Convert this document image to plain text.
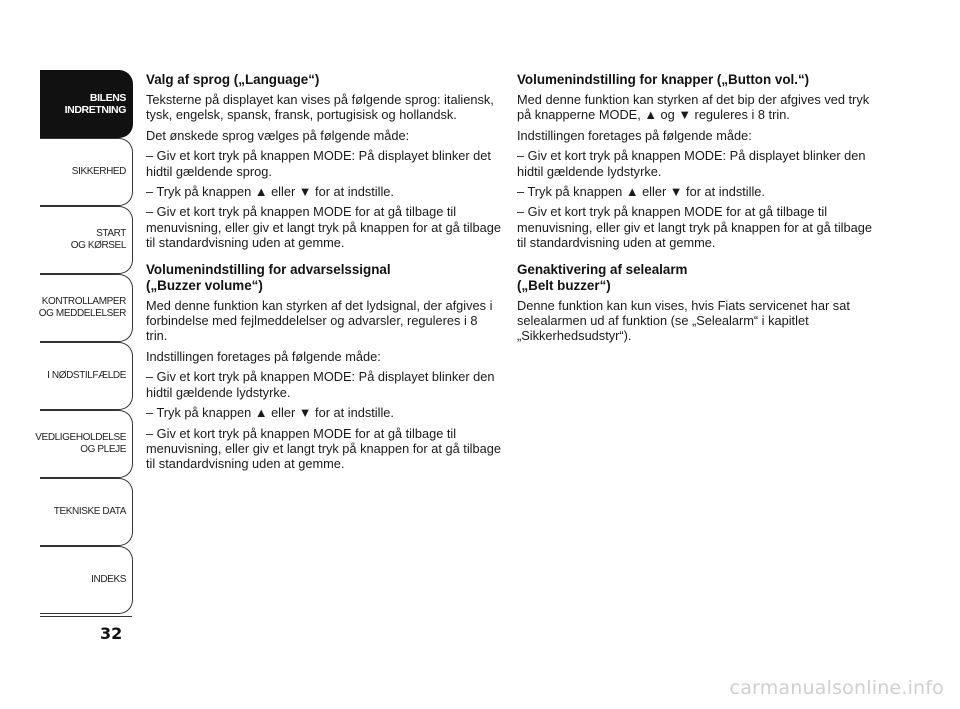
BILENS
INDRETNING
SIKKERHED
START
OG KØRSEL
KONTROLLAMPER
OG MEDDELELSER
I NØDSTILFÆLDE
VEDLIGEHOLDELSE
OG PLEJE
TEKNISKE DATA
INDEKS
32
Valg af sprog („Language“)

Teksterne på displayet kan vises på følgende sprog: italiensk, tysk, engelsk, spansk, fransk, portugisisk og hollandsk.

Det ønskede sprog vælges på følgende måde:

– Giv et kort tryk på knappen MODE: På displayet blinker det hidtil gældende sprog.

– Tryk på knappen ▲ eller ▼ for at indstille.

– Giv et kort tryk på knappen MODE for at gå tilbage til menuvisning, eller giv et langt tryk på knappen for at gå tilbage til standardvisning uden at gemme.

Volumenindstilling for advarselssignal
(„Buzzer volume“)

Med denne funktion kan styrken af det lydsignal, der afgives i forbindelse med fejlmeddelelser og advarsler, reguleres i 8 trin.

Indstillingen foretages på følgende måde:

– Giv et kort tryk på knappen MODE: På displayet blinker den hidtil gældende lydstyrke.

– Tryk på knappen ▲ eller ▼ for at indstille.

– Giv et kort tryk på knappen MODE for at gå tilbage til menuvisning, eller giv et langt tryk på knappen for at gå tilbage til standardvisning uden at gemme.

Volumenindstilling for knapper („Button vol.“)

Med denne funktion kan styrken af det bip der afgives ved tryk på knapperne MODE, ▲ og ▼ reguleres i 8 trin.

Indstillingen foretages på følgende måde:

– Giv et kort tryk på knappen MODE: På displayet blinker den hidtil gældende lydstyrke.

– Tryk på knappen ▲ eller ▼ for at indstille.

– Giv et kort tryk på knappen MODE for at gå tilbage til menuvisning, eller giv et langt tryk på knappen for at gå tilbage til standardvisning uden at gemme.

Genaktivering af selealarm
(„Belt buzzer“)

Denne funktion kan kun vises, hvis Fiats servicenet har sat selealarmen ud af funktion (se „Selealarm“ i kapitlet „Sikkerhedsudstyr“).

carmanualsonline.info
